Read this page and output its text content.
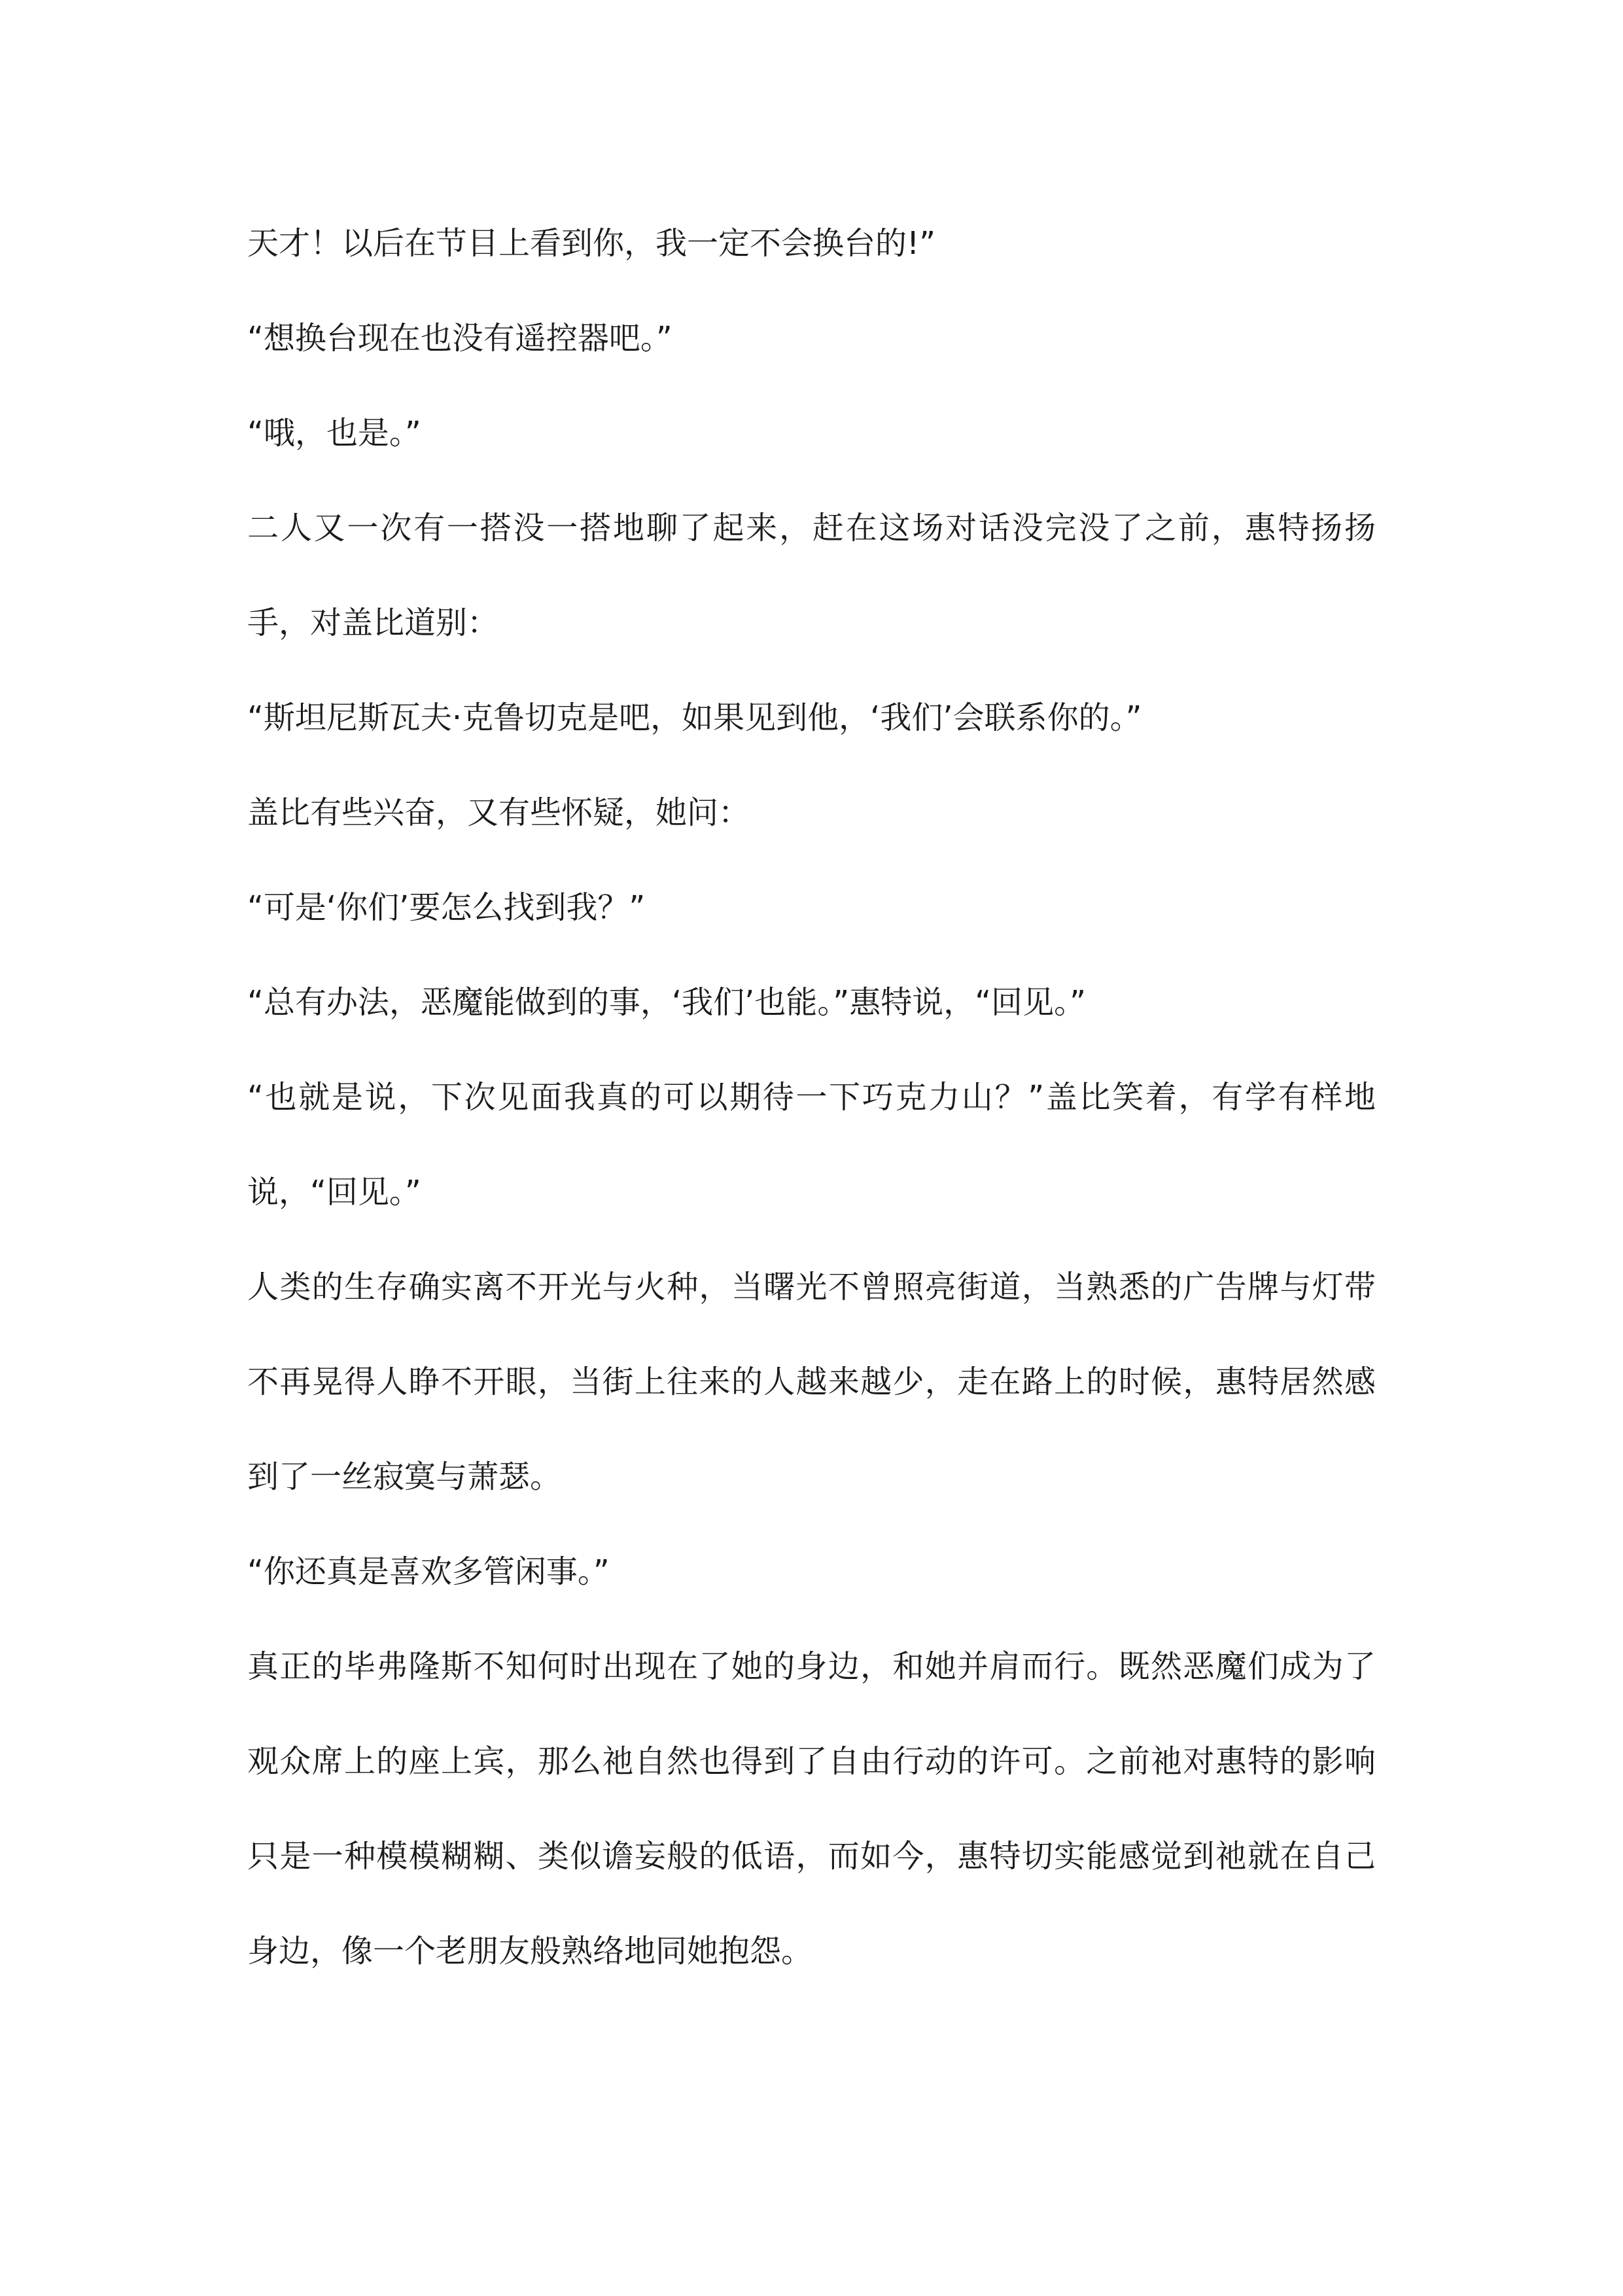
天才！以后在节目上看到你，我一定不会换台的!”

“想换台现在也没有遥控器吧。”

“哦，也是。”

二人又一次有一搭没一搭地聊了起来，赶在这场对话没完没了之前，惠特扬扬手，对盖比道别：

“斯坦尼斯瓦夫·克鲁切克是吧，如果见到他，‘我们’会联系你的。”

盖比有些兴奋，又有些怀疑，她问：

“可是‘你们’要怎么找到我？”

“总有办法，恶魔能做到的事，‘我们’也能。”惠特说，“回见。”

“也就是说，下次见面我真的可以期待一下巧克力山？”盖比笑着，有学有样地说，“回见。”

人类的生存确实离不开光与火种，当曙光不曾照亮街道，当熟悉的广告牌与灯带不再晃得人睁不开眼，当街上往来的人越来越少，走在路上的时候，惠特居然感到了一丝寂寞与萧瑟。

“你还真是喜欢多管闲事。”

真正的毕弗隆斯不知何时出现在了她的身边，和她并肩而行。既然恶魔们成为了观众席上的座上宾，那么祂自然也得到了自由行动的许可。之前祂对惠特的影响只是一种模模糊糊、类似谵妄般的低语，而如今，惠特切实能感觉到祂就在自己身边，像一个老朋友般熟络地同她抱怨。
